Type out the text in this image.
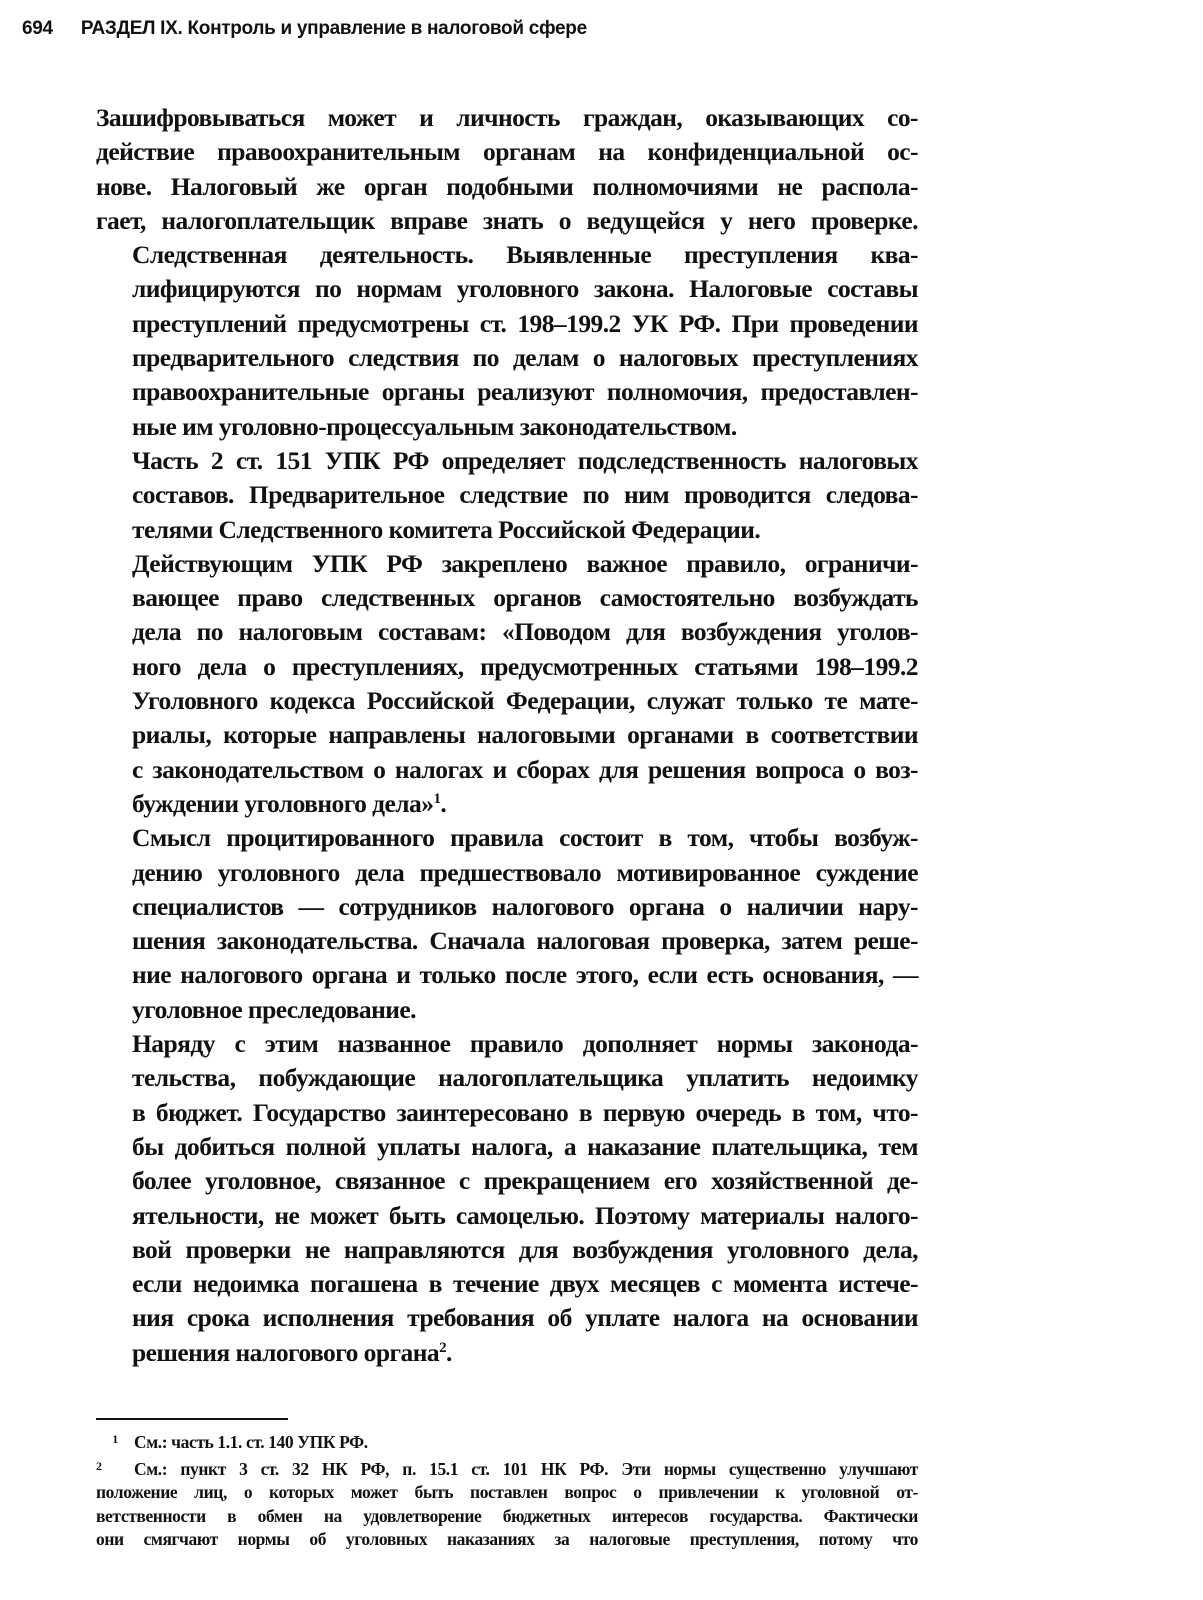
694 РАЗДЕЛ IX. Контроль и управление в налоговой сфере

Зашифровываться может и личность граждан, оказывающих со-
действие правоохранительным органам на конфиденциальной ос-
нове. Налоговый же орган подобными полномочиями не распола-
гает, налогоплательщик вправе знать о ведущейся у него проверке.

Следственная деятельность. Выявленные преступления ква-
лифицируются по нормам уголовного закона. Налоговые составы
преступлений предусмотрены ст. 198–199.2 УК РФ. При проведении
предварительного следствия по делам о налоговых преступлениях
правоохранительные органы реализуют полномочия, предоставлен-
ные им уголовно-процессуальным законодательством.

Часть 2 ст. 151 УПК РФ определяет подследственность налоговых
составов. Предварительное следствие по ним проводится следова-
телями Следственного комитета Российской Федерации.

Действующим УПК РФ закреплено важное правило, ограничи-
вающее право следственных органов самостоятельно возбуждать
дела по налоговым составам: «Поводом для возбуждения уголов-
ного дела о преступлениях, предусмотренных статьями 198–199.2
Уголовного кодекса Российской Федерации, служат только те мате-
риалы, которые направлены налоговыми органами в соответствии
с законодательством о налогах и сборах для решения вопроса о воз-
буждении уголовного дела»$^1$.

Смысл процитированного правила состоит в том, чтобы возбуж-
дению уголовного дела предшествовало мотивированное суждение
специалистов — сотрудников налогового органа о наличии нару-
шения законодательства. Сначала налоговая проверка, затем реше-
ние налогового органа и только после этого, если есть основания, —
уголовное преследование.

Наряду с этим названное правило дополняет нормы законода-
тельства, побуждающие налогоплательщика уплатить недоимку
в бюджет. Государство заинтересовано в первую очередь в том, что-
бы добиться полной уплаты налога, а наказание плательщика, тем
более уголовное, связанное с прекращением его хозяйственной де-
ятельности, не может быть самоцелью. Поэтому материалы налого-
вой проверки не направляются для возбуждения уголовного дела,
если недоимка погашена в течение двух месяцев с момента истече-
ния срока исполнения требования об уплате налога на основании
решения налогового органа$^2$.

1 См.: часть 1.1. ст. 140 УПК РФ.
2 См.: пункт 3 ст. 32 НК РФ, п. 15.1 ст. 101 НК РФ. Эти нормы существенно улучшают
положение лиц, о которых может быть поставлен вопрос о привлечении к уголовной от-
ветственности в обмен на удовлетворение бюджетных интересов государства. Фактически
они смягчают нормы об уголовных наказаниях за налоговые преступления, потому что
